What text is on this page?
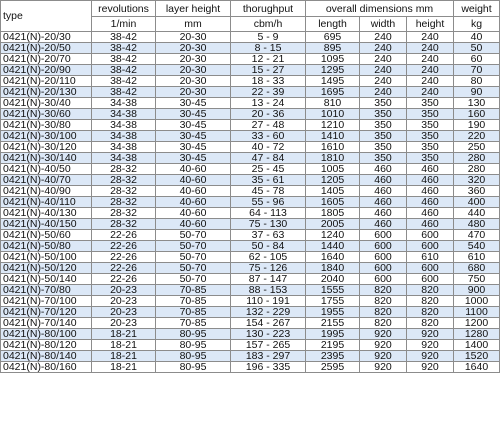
type	revolutions	layer height	thorughput	overall dimensions mm			weight
	1/min	mm	cbm/h	length	width	height	kg
0421(N)-20/30	38-42	20-30	5 - 9	695	240	240	40
0421(N)-20/50	38-42	20-30	8 - 15	895	240	240	50
0421(N)-20/70	38-42	20-30	12 - 21	1095	240	240	60
0421(N)-20/90	38-42	20-30	15 - 27	1295	240	240	70
0421(N)-20/110	38-42	20-30	18 - 33	1495	240	240	80
0421(N)-20/130	38-42	20-30	22 - 39	1695	240	240	90
0421(N)-30/40	34-38	30-45	13 - 24	810	350	350	130
0421(N)-30/60	34-38	30-45	20 - 36	1010	350	350	160
0421(N)-30/80	34-38	30-45	27 - 48	1210	350	350	190
0421(N)-30/100	34-38	30-45	33 - 60	1410	350	350	220
0421(N)-30/120	34-38	30-45	40 - 72	1610	350	350	250
0421(N)-30/140	34-38	30-45	47 - 84	1810	350	350	280
0421(N)-40/50	28-32	40-60	25 - 45	1005	460	460	280
0421(N)-40/70	28-32	40-60	35 - 61	1205	460	460	320
0421(N)-40/90	28-32	40-60	45 - 78	1405	460	460	360
0421(N)-40/110	28-32	40-60	55 - 96	1605	460	460	400
0421(N)-40/130	28-32	40-60	64 - 113	1805	460	460	440
0421(N)-40/150	28-32	40-60	75 - 130	2005	460	460	480
0421(N)-50/60	22-26	50-70	37 - 63	1240	600	600	470
0421(N)-50/80	22-26	50-70	50 - 84	1440	600	600	540
0421(N)-50/100	22-26	50-70	62 - 105	1640	600	610	610
0421(N)-50/120	22-26	50-70	75 - 126	1840	600	600	680
0421(N)-50/140	22-26	50-70	87 - 147	2040	600	600	750
0421(N)-70/80	20-23	70-85	88 - 153	1555	820	820	900
0421(N)-70/100	20-23	70-85	110 - 191	1755	820	820	1000
0421(N)-70/120	20-23	70-85	132 - 229	1955	820	820	1100
0421(N)-70/140	20-23	70-85	154 - 267	2155	820	820	1200
0421(N)-80/100	18-21	80-95	130 - 223	1995	920	920	1280
0421(N)-80/120	18-21	80-95	157 - 265	2195	920	920	1400
0421(N)-80/140	18-21	80-95	183 - 297	2395	920	920	1520
0421(N)-80/160	18-21	80-95	196 - 335	2595	920	920	1640
